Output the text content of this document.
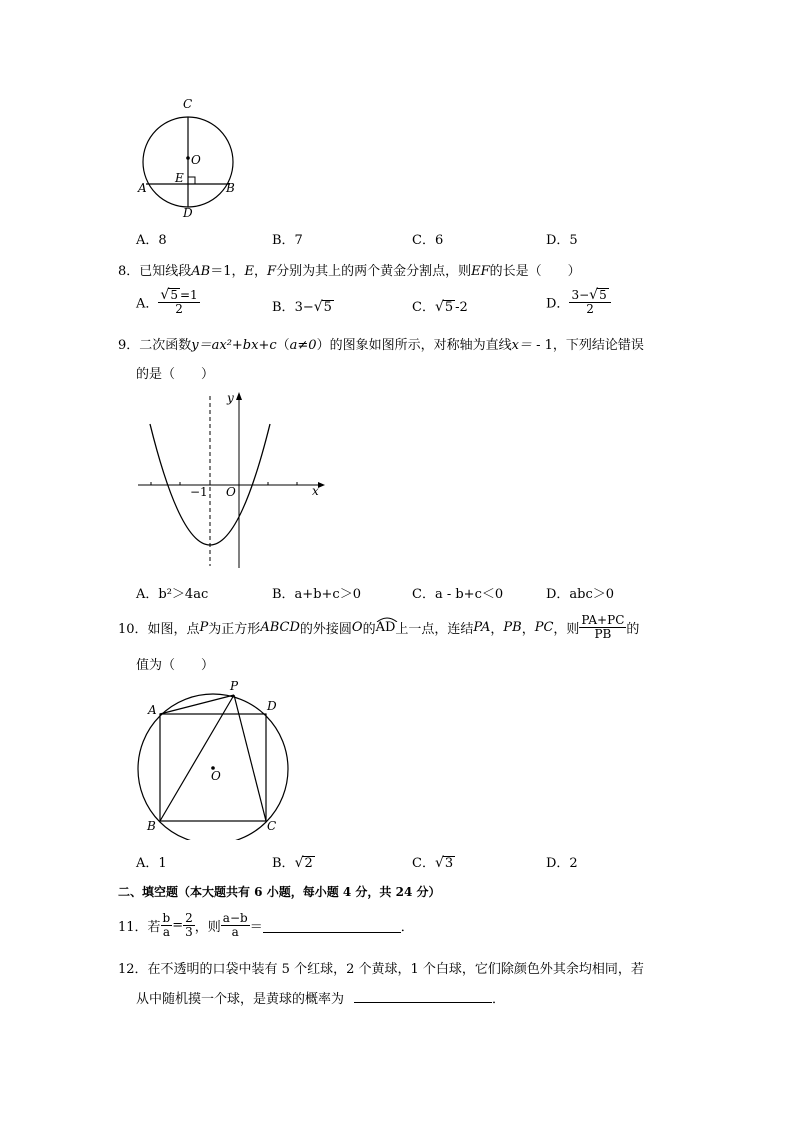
C
O
E
A	B
D
A．8	B．7	C．6	D．5
8．已知线段AB＝1，E，F分别为其上的两个黄金分割点，则EF的长是（　　）
A． $\frac{√5 =1}{2}$	B．3−√5	C．√5 -2	D． $\frac{3-√5}{2}$
9．二次函数y＝ax²+bx+c（a≠0）的图象如图所示，对称轴为直线x＝ - 1，下列结论错误
的是（　　）
y
x
−1 O
A．b²＞4ac	B．a+b+c＞0	C．a - b+c＜0	D．abc＞0
10．如图，点P为正方形ABCD的外接圆O的
AD上一点，连结PA，PB，PC，则 $\frac{PA+PC}{PB}$ 的
值为（　　）
P
A	D
O
B	C
A．1	B．√2	C．√3	D．2
二、填空题（本大题共有 6 小题，每小题 4 分，共 24 分）
11．若 $\frac{b}{a} = \frac{2}{3}$ ，则 $\frac{a-b}{a}$ ＝	．
12．在不透明的口袋中装有 5 个红球，2 个黄球，1 个白球，它们除颜色外其余均相同，若
从中随机摸一个球，是黄球的概率为	．
